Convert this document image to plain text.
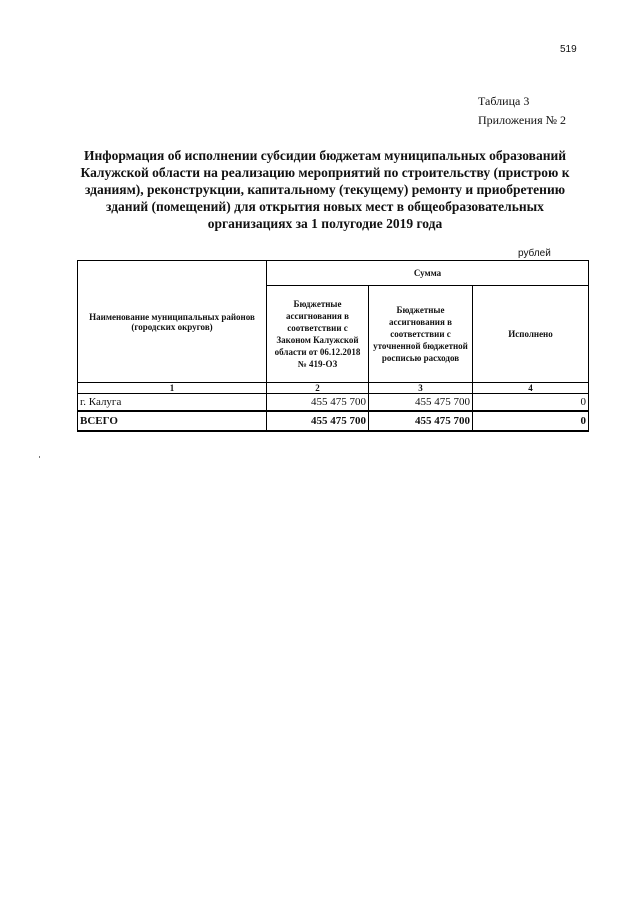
519
Таблица 3
Приложения № 2
Информация об исполнении субсидии бюджетам муниципальных образований Калужской области на реализацию мероприятий по строительству (пристрою к зданиям), реконструкции, капитальному (текущему) ремонту и приобретению зданий (помещений) для открытия новых мест в общеобразовательных организациях за 1 полугодие 2019 года
рублей
Наименование муниципальных районов (городских округов)	Сумма		
	Бюджетные ассигнования в соответствии с Законом Калужской области от 06.12.2018 № 419-ОЗ	Бюджетные ассигнования в соответствии с уточненной бюджетной росписью расходов	Исполнено
1	2	3	4
г. Калуга	455 475 700	455 475 700	0
ВСЕГО	455 475 700	455 475 700	0
